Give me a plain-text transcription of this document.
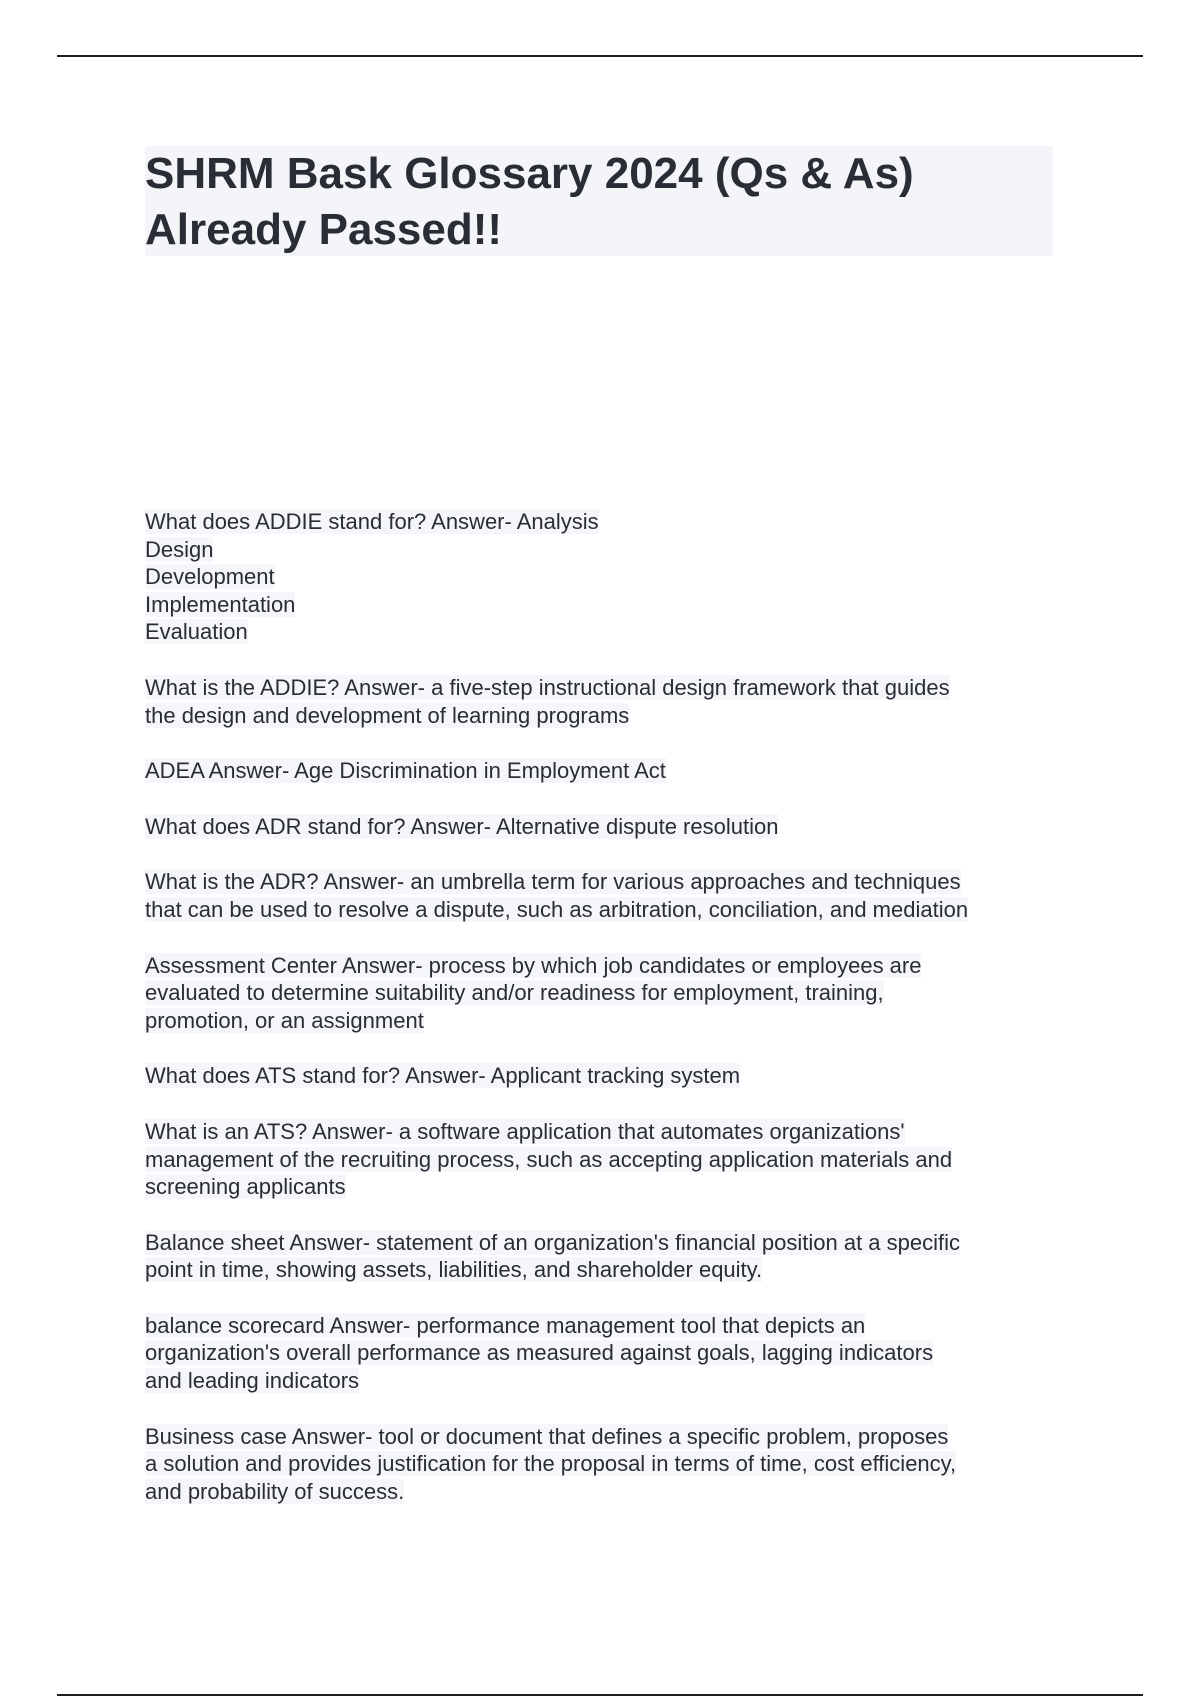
SHRM Bask Glossary 2024 (Qs & As)
Already Passed!!
What does ADDIE stand for? Answer- Analysis
Design
Development
Implementation
Evaluation
What is the ADDIE? Answer- a five-step instructional design framework that guides
the design and development of learning programs
ADEA Answer- Age Discrimination in Employment Act
What does ADR stand for? Answer- Alternative dispute resolution
What is the ADR? Answer- an umbrella term for various approaches and techniques
that can be used to resolve a dispute, such as arbitration, conciliation, and mediation
Assessment Center Answer- process by which job candidates or employees are
evaluated to determine suitability and/or readiness for employment, training,
promotion, or an assignment
What does ATS stand for? Answer- Applicant tracking system
What is an ATS? Answer- a software application that automates organizations'
management of the recruiting process, such as accepting application materials and
screening applicants
Balance sheet Answer- statement of an organization's financial position at a specific
point in time, showing assets, liabilities, and shareholder equity.
balance scorecard Answer- performance management tool that depicts an
organization's overall performance as measured against goals, lagging indicators
and leading indicators
Business case Answer- tool or document that defines a specific problem, proposes
a solution and provides justification for the proposal in terms of time, cost efficiency,
and probability of success.
